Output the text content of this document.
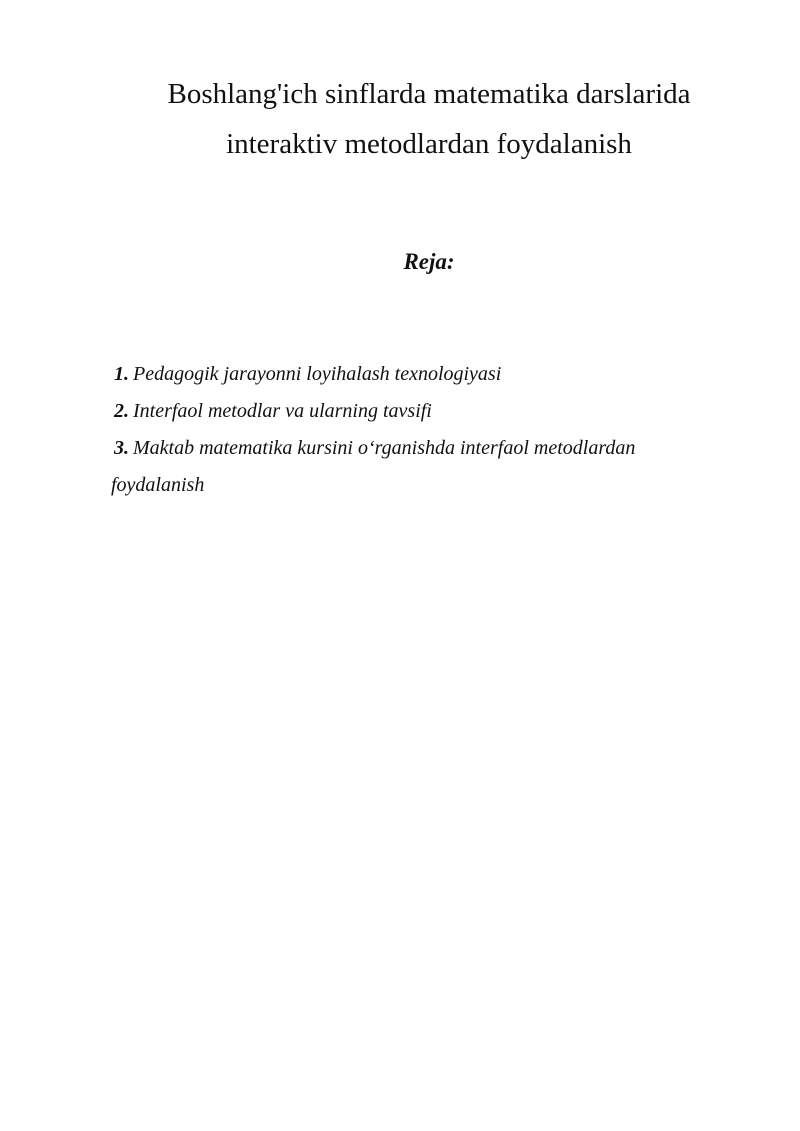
Boshlang'ich sinflarda matematika darslarida
interaktiv metodlardan foydalanish
Reja:
1. Pedagogik jarayonni loyihalash texnologiyasi
2. Interfaol metodlar va ularning tavsifi
3. Maktab matematika kursini o‘rganishda interfaol metodlardan
foydalanish
